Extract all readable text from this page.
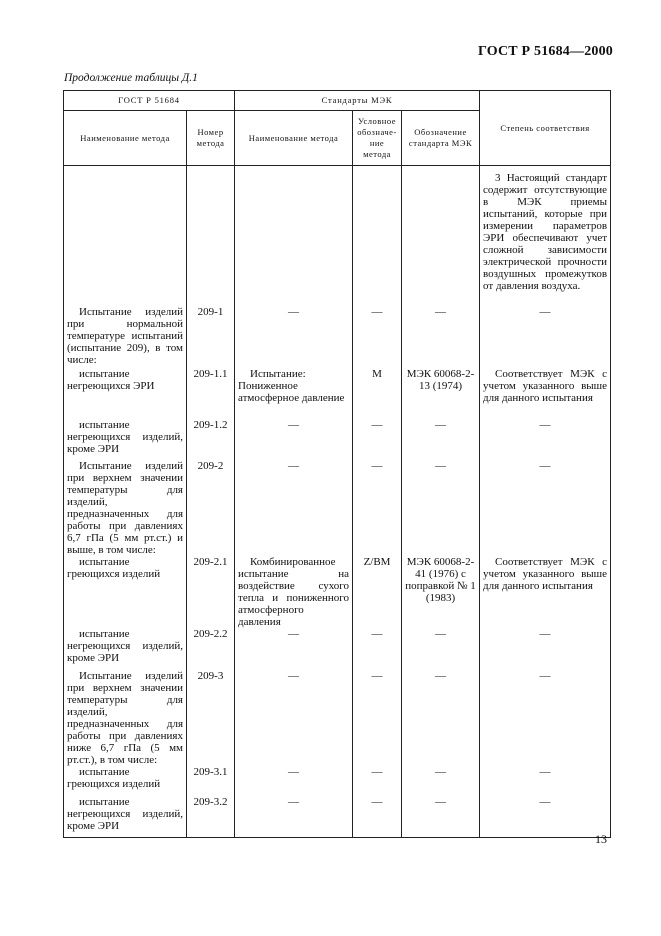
ГОСТ Р 51684—2000
Продолжение таблицы Д.1
ГОСТ Р 51684		Стандарты МЭК			Степень соответствия
Наименование метода	Номер метода	Наименование метода	Условное обозначе-ние метода	Обозначение стандарта МЭК	
					3 Настоящий стандарт содержит отсутствующие в МЭК приемы испытаний, которые при измерении параметров ЭРИ обеспечивают учет сложной зависимости электрической прочности воздушных промежутков от давления воздуха.
Испытание изделий при нормальной температуре испытаний (испытание 209), в том числе:	209-1	—	—	—	—
испытание негреющихся ЭРИ	209-1.1	Испытание: Пониженное атмосферное давление	М	МЭК 60068-2-13 (1974)	Соответствует МЭК с учетом указанного выше для данного испытания
испытание негреющихся изделий, кроме ЭРИ	209-1.2	—	—	—	—
Испытание изделий при верхнем значении температуры для изделий, предназначенных для работы при давлениях 6,7 гПа (5 мм рт.ст.) и выше, в том числе:	209-2	—	—	—	—
испытание греющихся изделий	209-2.1	Комбинированное испытание на воздействие сухого тепла и пониженного атмосферного давления	Z/BM	МЭК 60068-2-41 (1976) с поправкой № 1 (1983)	Соответствует МЭК с учетом указанного выше для данного испытания
испытание негреющихся изделий, кроме ЭРИ	209-2.2	—	—	—	—
Испытание изделий при верхнем значении температуры для изделий, предназначенных для работы при давлениях ниже 6,7 гПа (5 мм рт.ст.), в том числе:	209-3	—	—	—	—
испытание греющихся изделий	209-3.1	—	—	—	—
испытание негреющихся изделий, кроме ЭРИ	209-3.2	—	—	—	—
13
